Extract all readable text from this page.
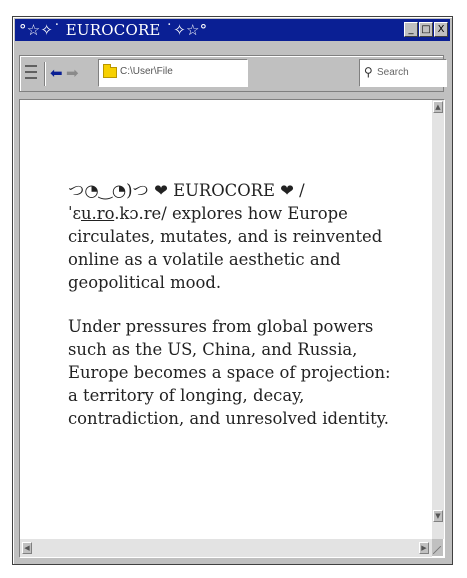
°☆✧˙ EUROCORE ˙✧☆°	_ □ X
⬅ ➡	C:\User\File	⚲ Search

つ◔‿◔)つ ❤ EUROCORE ❤ /
ˈɛu.ro.kɔ.re/ explores how Europe
circulates, mutates, and is reinvented online as a volatile aesthetic and geopolitical mood.

Under pressures from global powers such as the US, China, and Russia, Europe becomes a space of projection: a territory of longing, decay, contradiction, and unresolved identity.

▲
▼
◀	▶
